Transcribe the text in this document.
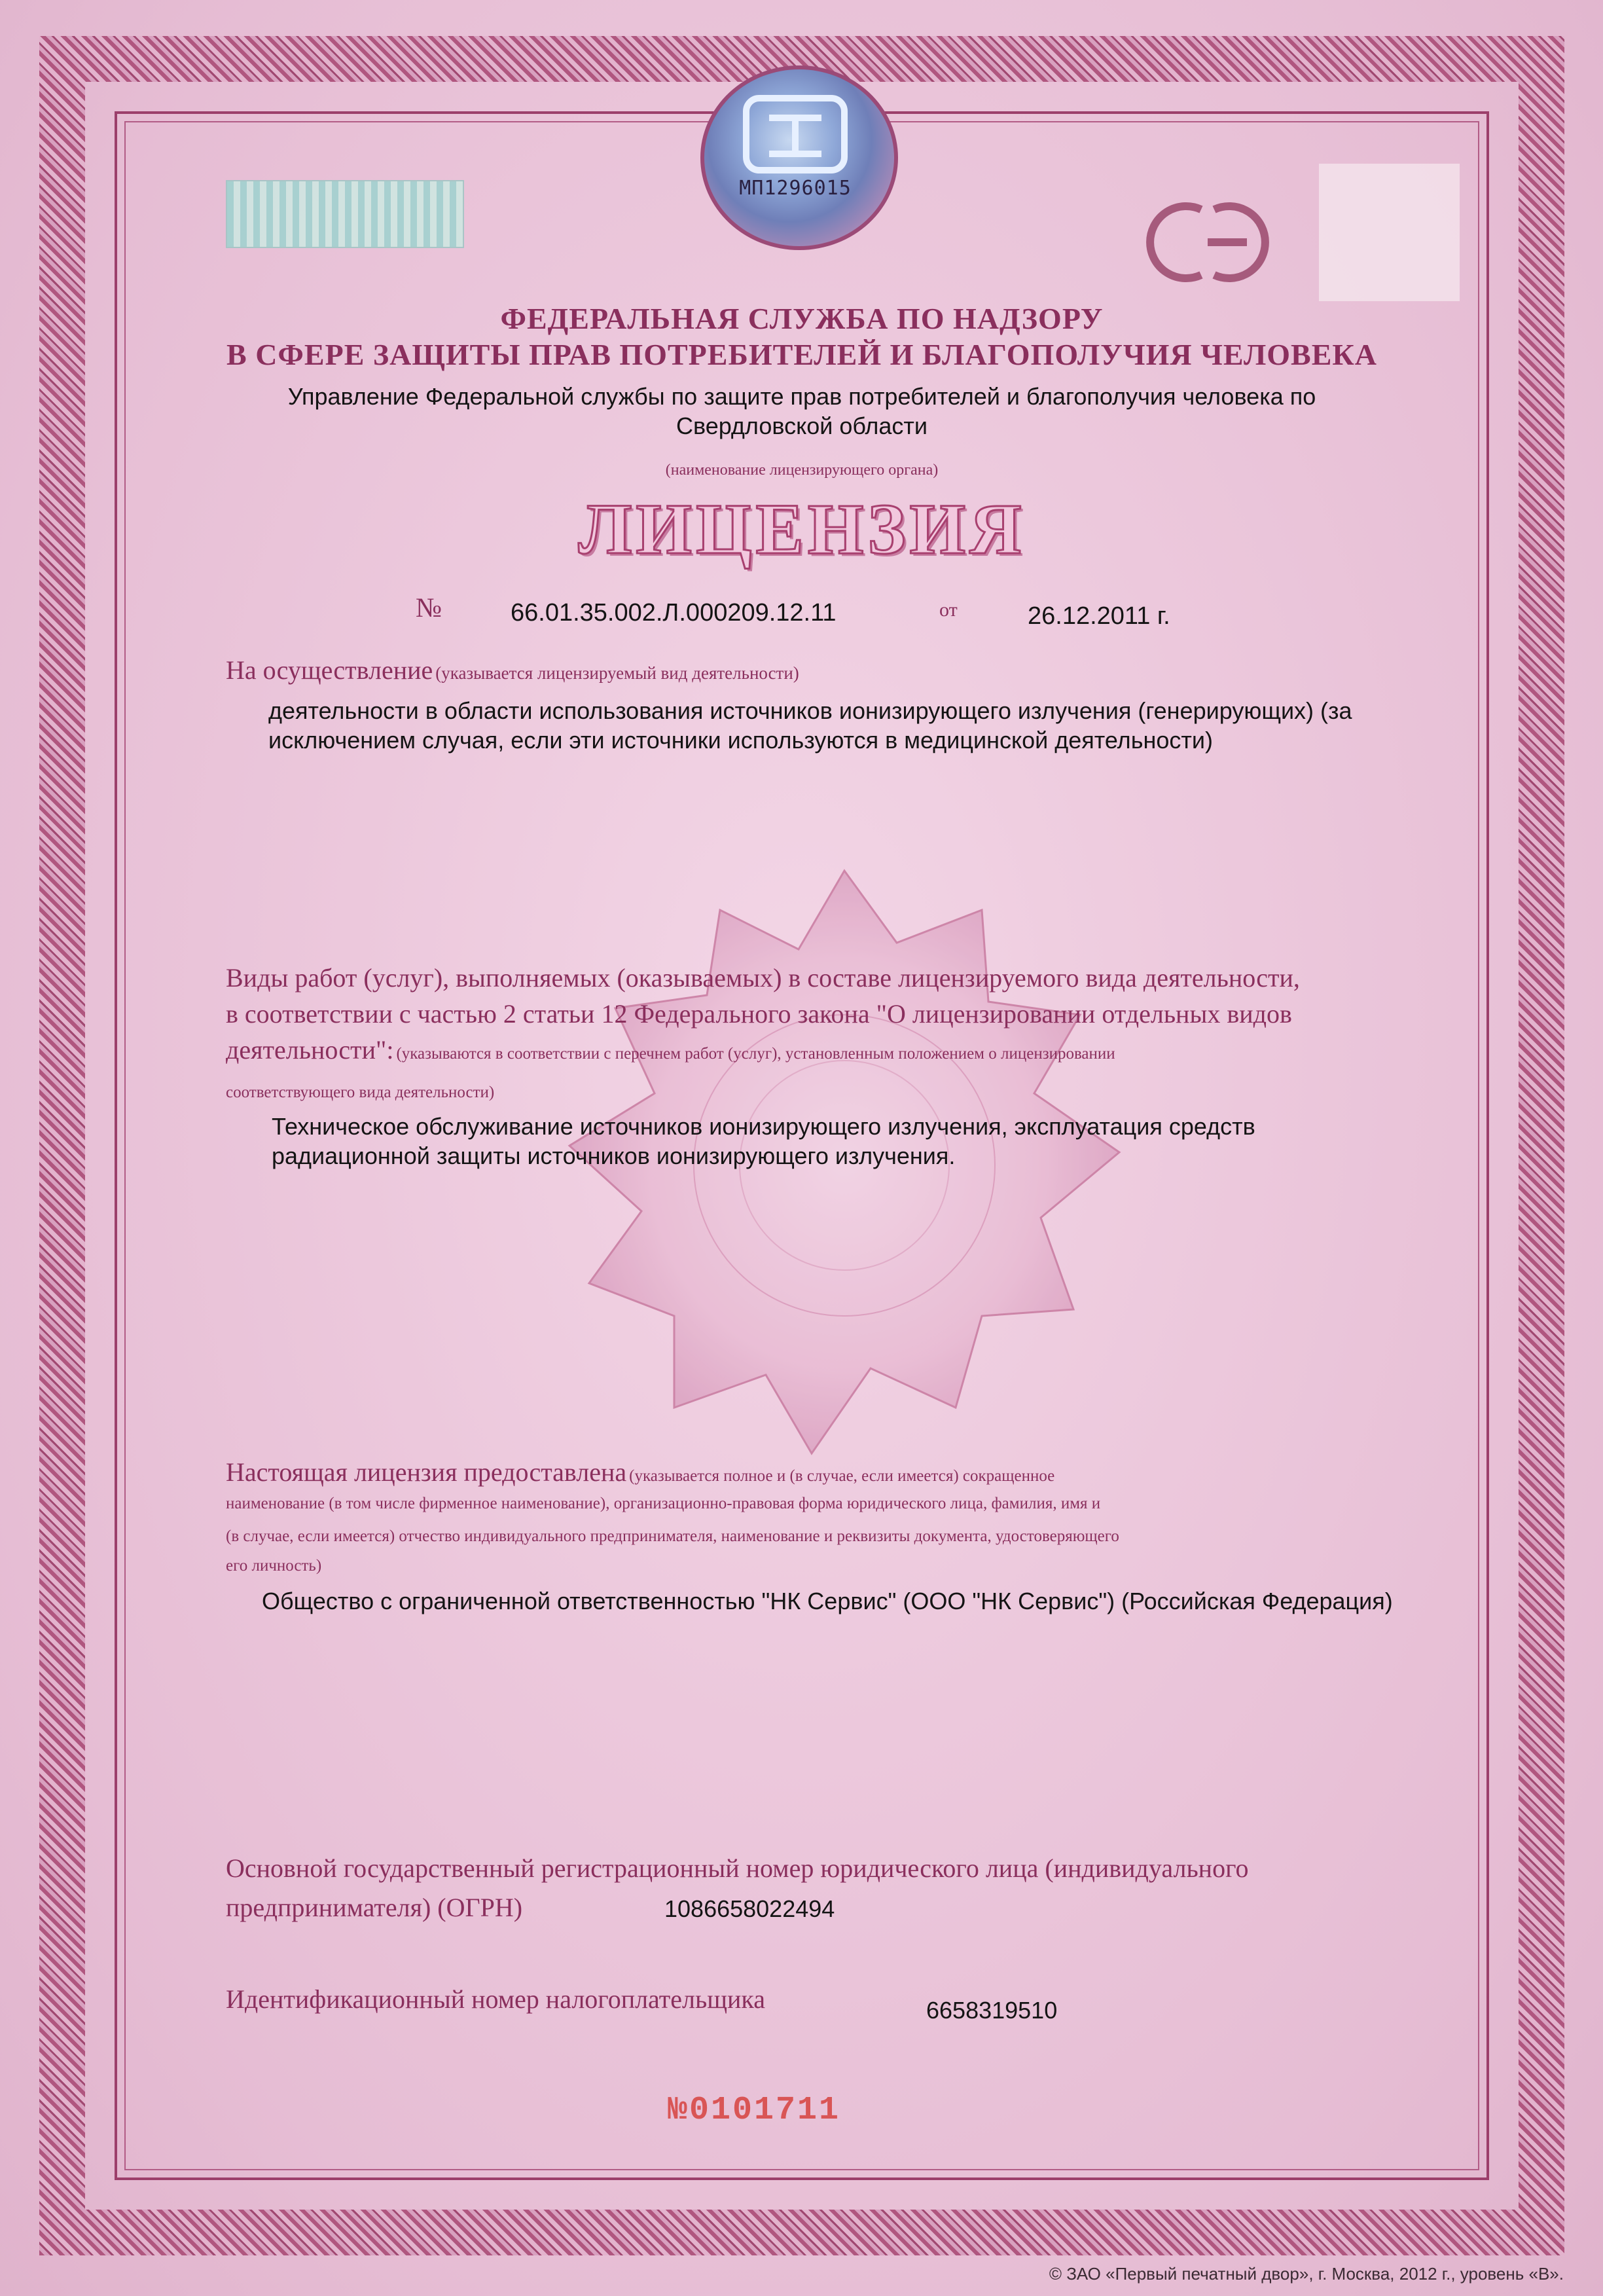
МП1296015
ФЕДЕРАЛЬНАЯ СЛУЖБА ПО НАДЗОРУ
В СФЕРЕ ЗАЩИТЫ ПРАВ ПОТРЕБИТЕЛЕЙ И БЛАГОПОЛУЧИЯ ЧЕЛОВЕКА
Управление Федеральной службы по защите прав потребителей и благополучия человека по
Свердловской области
(наименование лицензирующего органа)
ЛИЦЕНЗИЯ
№	66.01.35.002.Л.000209.12.11	от	26.12.2011 г.
На осуществление (указывается лицензируемый вид деятельности)
деятельности в области использования источников ионизирующего излучения (генерирующих) (за
исключением случая, если эти источники используются в медицинской деятельности)
Виды работ (услуг), выполняемых (оказываемых) в составе лицензируемого вида деятельности,
в соответствии с частью 2 статьи 12 Федерального закона "О лицензировании отдельных видов
деятельности": (указываются в соответствии с перечнем работ (услуг), установленным положением о лицензировании
соответствующего вида деятельности)
Техническое обслуживание источников ионизирующего излучения, эксплуатация средств
радиационной защиты источников ионизирующего излучения.
Настоящая лицензия предоставлена (указывается полное и (в случае, если имеется) сокращенное
наименование (в том числе фирменное наименование), организационно-правовая форма юридического лица, фамилия, имя и
(в случае, если имеется) отчество индивидуального предпринимателя, наименование и реквизиты документа, удостоверяющего
его личность)
Общество с ограниченной ответственностью "НК Сервис" (ООО "НК Сервис") (Российская Федерация)
Основной государственный регистрационный номер юридического лица (индивидуального
предпринимателя) (ОГРН)	1086658022494
Идентификационный номер налогоплательщика	6658319510
№0101711
© ЗАО «Первый печатный двор», г. Москва, 2012 г., уровень «В».
